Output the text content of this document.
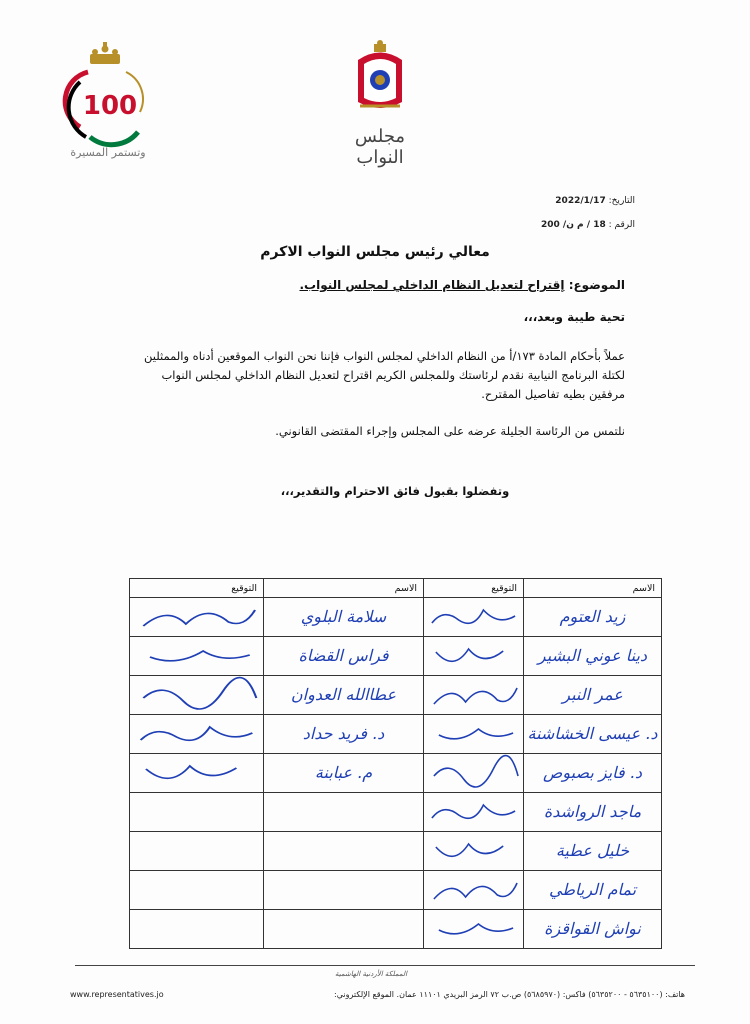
100
وتستمر المسيرة
مجلس النواب
التاريخ: 2022/1/17
الرقم : 18 / م ن/ 200
معالي رئيس مجلس النواب الاكرم
الموضوع: إقتراح لتعديل النظام الداخلي لمجلس النواب.
تحية طيبة وبعد،،،
عملاً بأحكام المادة ١٧٣/أ من النظام الداخلي لمجلس النواب فإننا نحن النواب الموقعين أدناه والممثلين لكتلة البرنامج النيابية نقدم لرئاستك وللمجلس الكريم اقتراح لتعديل النظام الداخلي لمجلس النواب مرفقين بطيه تفاصيل المقترح.
نلتمس من الرئاسة الجليلة عرضه على المجلس وإجراء المقتضى القانوني.
وتفضلوا بقبول فائق الاحترام والتقدير،،،
الاسم	التوقيع	الاسم	التوقيع

زيد العتوم		سلامة البلوي

دينا عوني البشير		فراس القضاة

عمر النبر		عطاالله العدوان

د. عيسى الخشاشنة		د. فريد حداد

د. فايز بصبوص		م. عبابنة

ماجد الرواشدة

خليل عطية

تمام الرياطي

نواش القواقزة

المملكة الأردنية الهاشمية
هاتف: (٥٦٣٥١٠٠ - ٥٦٣٥٢٠٠) فاكس: (٥٦٨٥٩٧٠) ص.ب ٧٢ الرمز البريدي ١١١٠١ عمان. الموقع الإلكتروني:
www.representatives.jo
